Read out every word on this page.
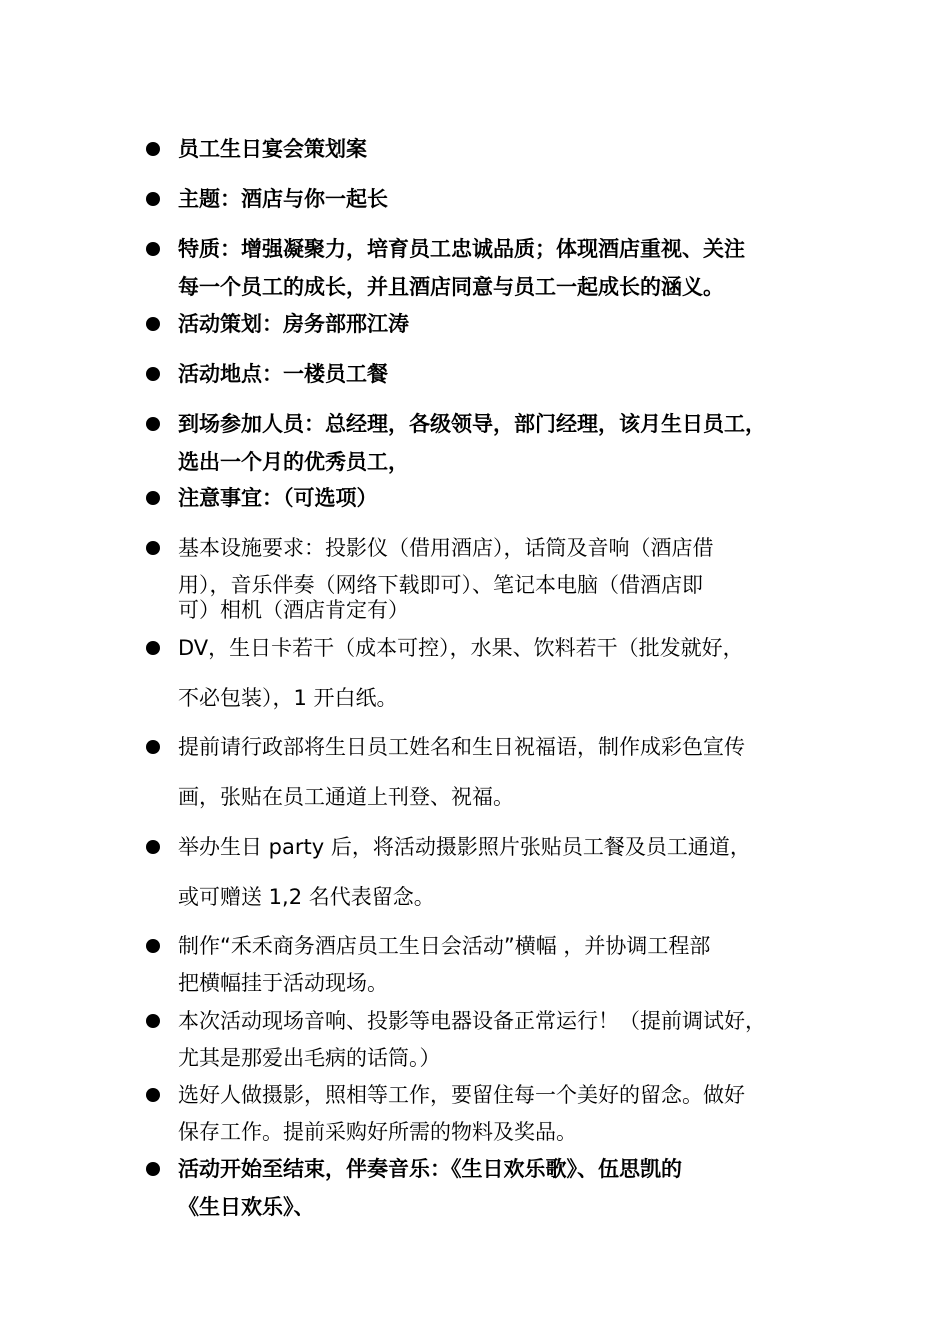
员工生日宴会策划案
主题：酒店与你一起长
特质：增强凝聚力，培育员工忠诚品质；体现酒店重视、关注
每一个员工的成长，并且酒店同意与员工一起成长的涵义。
活动策划：房务部邢江涛
活动地点：一楼员工餐
到场参加人员：总经理，各级领导，部门经理，该月生日员工，
选出一个月的优秀员工，
注意事宜：（可选项）
基本设施要求：投影仪（借用酒店），话筒及音响（酒店借
用），音乐伴奏（网络下载即可）、笔记本电脑（借酒店即
可）相机（酒店肯定有）
DV，生日卡若干（成本可控），水果、饮料若干（批发就好，
不必包装），1 开白纸。
提前请行政部将生日员工姓名和生日祝福语，制作成彩色宣传
画，张贴在员工通道上刊登、祝福。
举办生日 party 后，将活动摄影照片张贴员工餐及员工通道，
或可赠送 1,2 名代表留念。
制作“禾禾商务酒店员工生日会活动”横幅 ，并协调工程部
把横幅挂于活动现场。
本次活动现场音响、投影等电器设备正常运行！（提前调试好，
尤其是那爱出毛病的话筒。）
选好人做摄影，照相等工作，要留住每一个美好的留念。做好
保存工作。提前采购好所需的物料及奖品。
活动开始至结束，伴奏音乐：《生日欢乐歌》、伍思凯的
《生日欢乐》、
